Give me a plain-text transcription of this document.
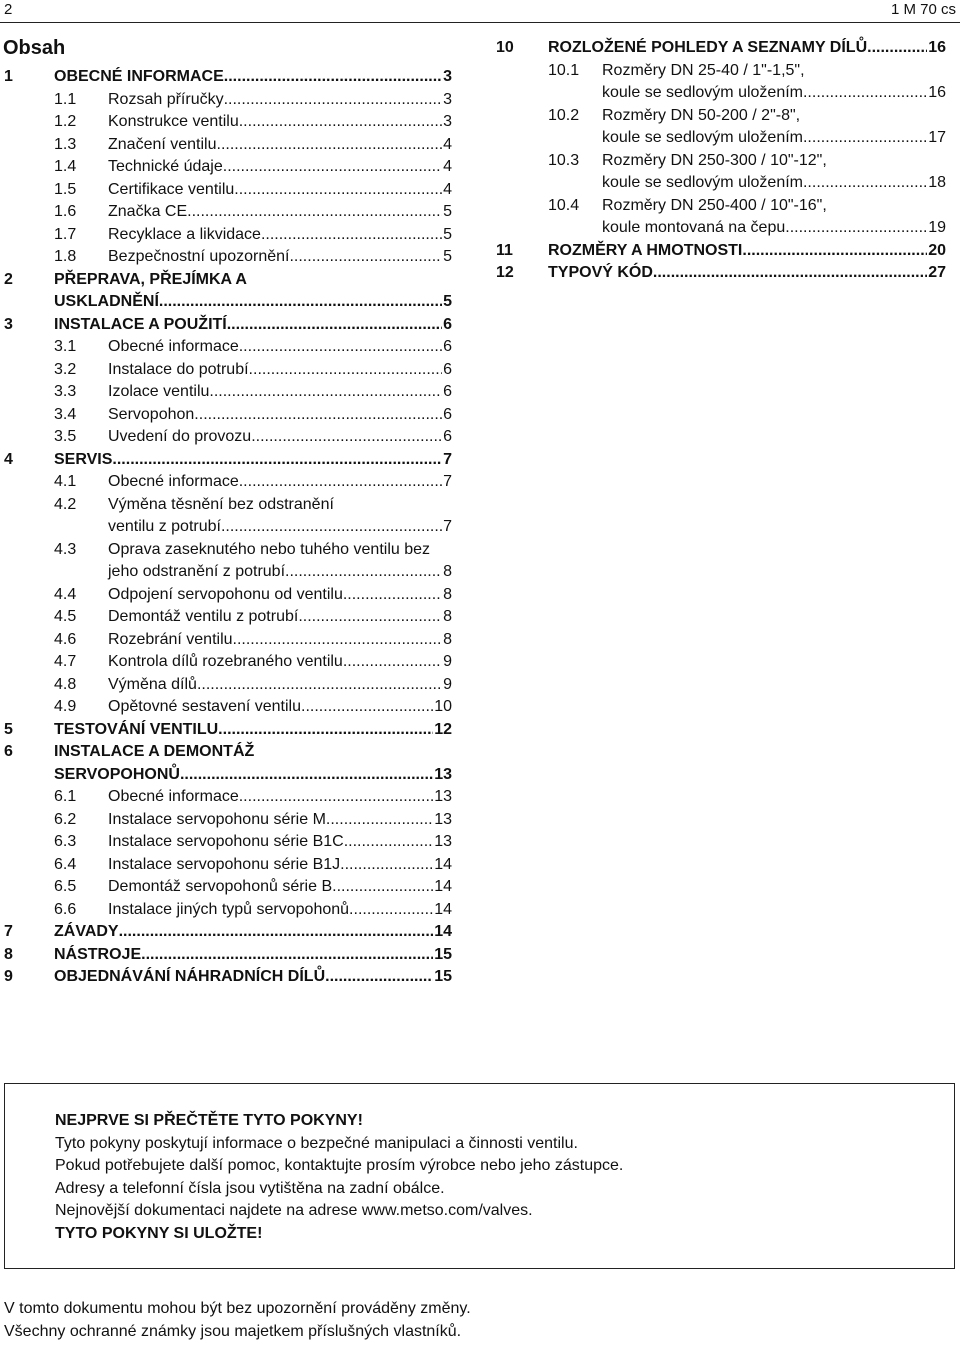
2	1 M 70 cs
Obsah
1	OBECNÉ INFORMACE .....	3
1.1 Rozsah příručky .....	3
1.2 Konstrukce ventilu .....	3
1.3 Značení ventilu .....	4
1.4 Technické údaje .....	4
1.5 Certifikace ventilu .....	4
1.6 Značka CE .....	5
1.7 Recyklace a likvidace .....	5
1.8 Bezpečnostní upozornění .....	5
2	PŘEPRAVA, PŘEJÍMKA A
USKLADNĚNÍ .....	5
3	INSTALACE A POUŽITÍ .....	6
3.1 Obecné informace .....	6
3.2 Instalace do potrubí .....	6
3.3 Izolace ventilu .....	6
3.4 Servopohon .....	6
3.5 Uvedení do provozu .....	6
4	SERVIS .....	7
4.1 Obecné informace .....	7
4.2 Výměna těsnění bez odstranění
ventilu z potrubí .....	7
4.3 Oprava zaseknutého nebo tuhého ventilu bez
jeho odstranění z potrubí .....	8
4.4 Odpojení servopohonu od ventilu .....	8
4.5 Demontáž ventilu z potrubí .....	8
4.6 Rozebrání ventilu .....	8
4.7 Kontrola dílů rozebraného ventilu .....	9
4.8 Výměna dílů .....	9
4.9 Opětovné sestavení ventilu .....	10
5	TESTOVÁNÍ VENTILU .....	12
6	INSTALACE A DEMONTÁŽ
SERVOPOHONŮ .....	13
6.1 Obecné informace .....	13
6.2 Instalace servopohonu série M .....	13
6.3 Instalace servopohonu série B1C .....	13
6.4 Instalace servopohonu série B1J .....	14
6.5 Demontáž servopohonů série B .....	14
6.6 Instalace jiných typů servopohonů .....	14
7	ZÁVADY .....	14
8	NÁSTROJE .....	15
9	OBJEDNÁVÁNÍ NÁHRADNÍCH DÍLŮ .....	15
10 ROZLOŽENÉ POHLEDY A SEZNAMY DÍLŮ .....	16
10.1 Rozměry DN 25-40 / 1"-1,5",
koule se sedlovým uložením .....	16
10.2 Rozměry DN 50-200 / 2"-8",
koule se sedlovým uložením .....	17
10.3 Rozměry DN 250-300 / 10"-12",
koule se sedlovým uložením .....	18
10.4 Rozměry DN 250-400 / 10"-16",
koule montovaná na čepu .....	19
11 ROZMĚRY A HMOTNOSTI .....	20
12 TYPOVÝ KÓD .....	27
NEJPRVE SI PŘEČTĚTE TYTO POKYNY!
Tyto pokyny poskytují informace o bezpečné manipulaci a činnosti ventilu.
Pokud potřebujete další pomoc, kontaktujte prosím výrobce nebo jeho zástupce.
Adresy a telefonní čísla jsou vytištěna na zadní obálce.
Nejnovější dokumentaci najdete na adrese www.metso.com/valves.
TYTO POKYNY SI ULOŽTE!
V tomto dokumentu mohou být bez upozornění prováděny změny.
Všechny ochranné známky jsou majetkem příslušných vlastníků.
